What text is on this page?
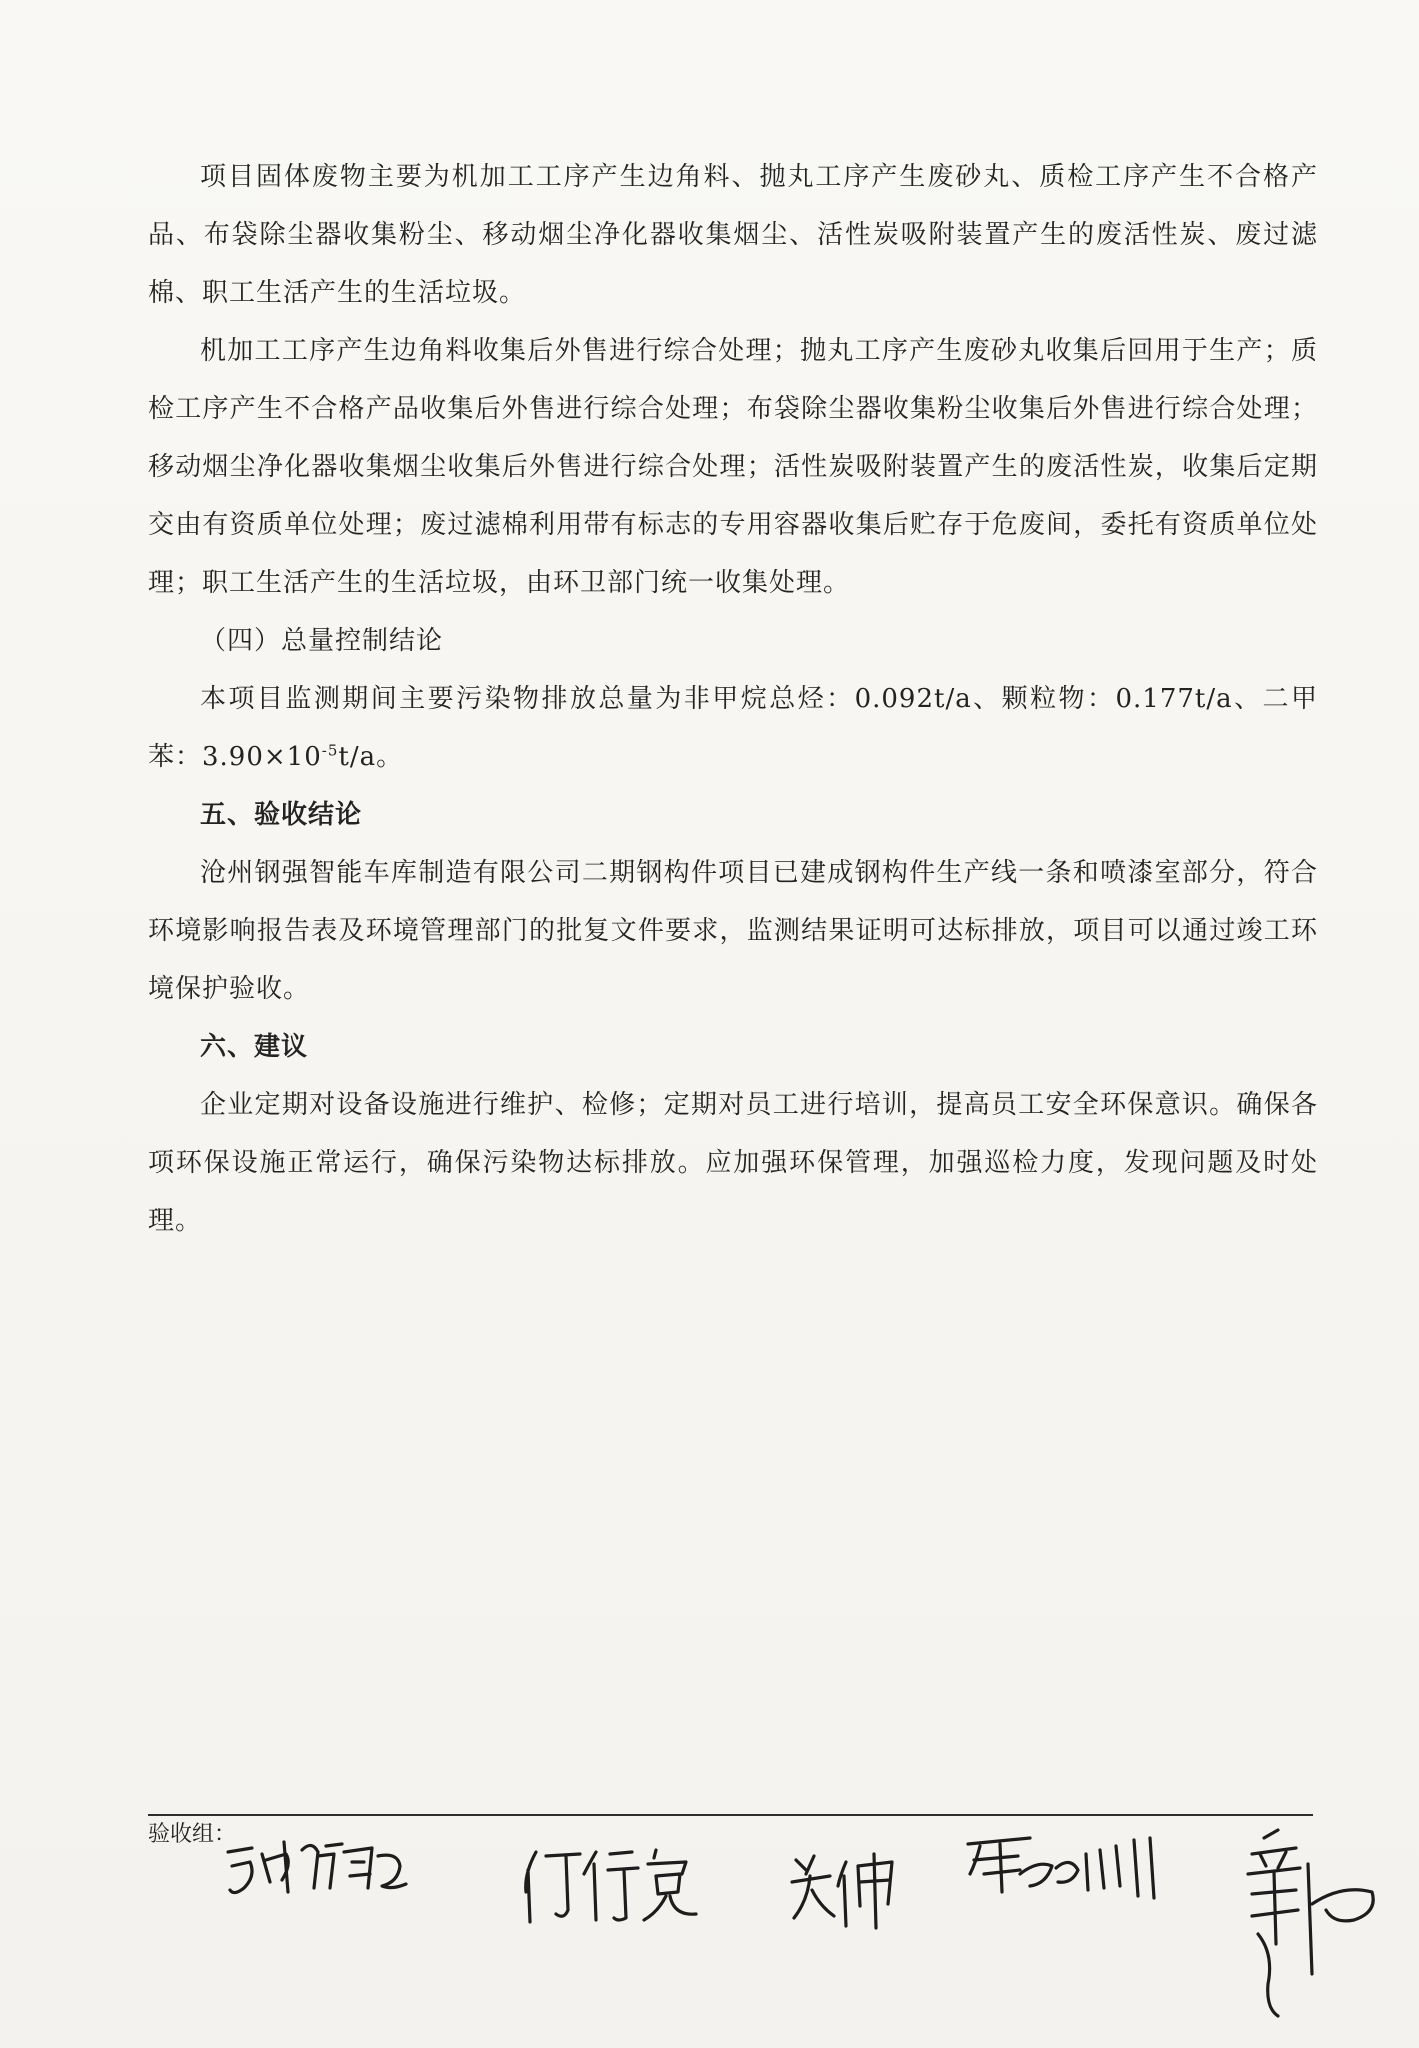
项目固体废物主要为机加工工序产生边角料、抛丸工序产生废砂丸、质检工序产生不合格产品、布袋除尘器收集粉尘、移动烟尘净化器收集烟尘、活性炭吸附装置产生的废活性炭、废过滤棉、职工生活产生的生活垃圾。

机加工工序产生边角料收集后外售进行综合处理；抛丸工序产生废砂丸收集后回用于生产；质检工序产生不合格产品收集后外售进行综合处理；布袋除尘器收集粉尘收集后外售进行综合处理；移动烟尘净化器收集烟尘收集后外售进行综合处理；活性炭吸附装置产生的废活性炭，收集后定期交由有资质单位处理；废过滤棉利用带有标志的专用容器收集后贮存于危废间，委托有资质单位处理；职工生活产生的生活垃圾，由环卫部门统一收集处理。

（四）总量控制结论

本项目监测期间主要污染物排放总量为非甲烷总烃：0.092t/a、颗粒物：0.177t/a、二甲苯：$3.90\times 10^{-5}t/a$。

五、验收结论

沧州钢强智能车库制造有限公司二期钢构件项目已建成钢构件生产线一条和喷漆室部分，符合环境影响报告表及环境管理部门的批复文件要求，监测结果证明可达标排放，项目可以通过竣工环境保护验收。

六、建议

企业定期对设备设施进行维护、检修；定期对员工进行培训，提高员工安全环保意识。确保各项环保设施正常运行，确保污染物达标排放。应加强环保管理，加强巡检力度，发现问题及时处理。

验收组：
